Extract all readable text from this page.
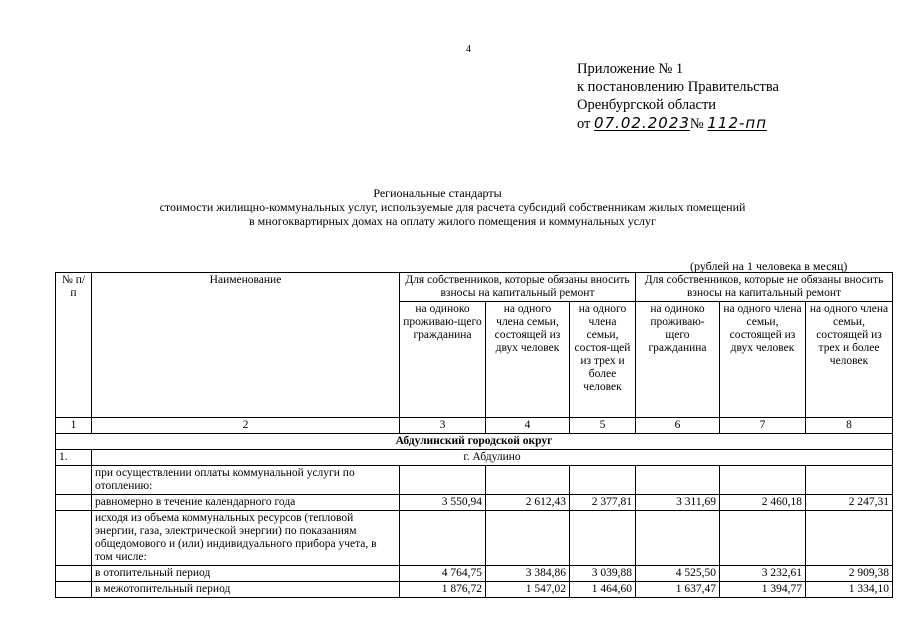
4
Приложение № 1
к постановлению Правительства
Оренбургской области
от 07.02.2023№ 112-пп
Региональные стандарты
стоимости жилищно-коммунальных услуг, используемые для расчета субсидий собственникам жилых помещений
в многоквартирных домах на оплату жилого помещения и коммунальных услуг
(рублей на 1 человека в месяц)
№ п/п	Наименование	Для собственников, которые обязаны вносить взносы на капитальный ремонт			Для собственников, которые не обязаны вносить взносы на капитальный ремонт		
		на одиноко проживаю-щего гражданина	на одного члена семьи, состоящей из двух человек	на одного члена семьи, состоя-щей из трех и более человек	на одиноко проживаю-щего гражданина	на одного члена семьи, состоящей из двух человек	на одного члена семьи, состоящей из трех и более человек
1	2	3	4	5	6	7	8
Абдулинский городской округ							
1.	г. Абдулино						
	при осуществлении оплаты коммунальной услуги по отоплению:						
	равномерно в течение календарного года	3 550,94	2 612,43	2 377,81	3 311,69	2 460,18	2 247,31
	исходя из объема коммунальных ресурсов (тепловой энергии, газа, электрической энергии) по показаниям общедомового и (или) индивидуального прибора учета, в том числе:						
	в отопительный период	4 764,75	3 384,86	3 039,88	4 525,50	3 232,61	2 909,38
	в межотопительный период	1 876,72	1 547,02	1 464,60	1 637,47	1 394,77	1 334,10
